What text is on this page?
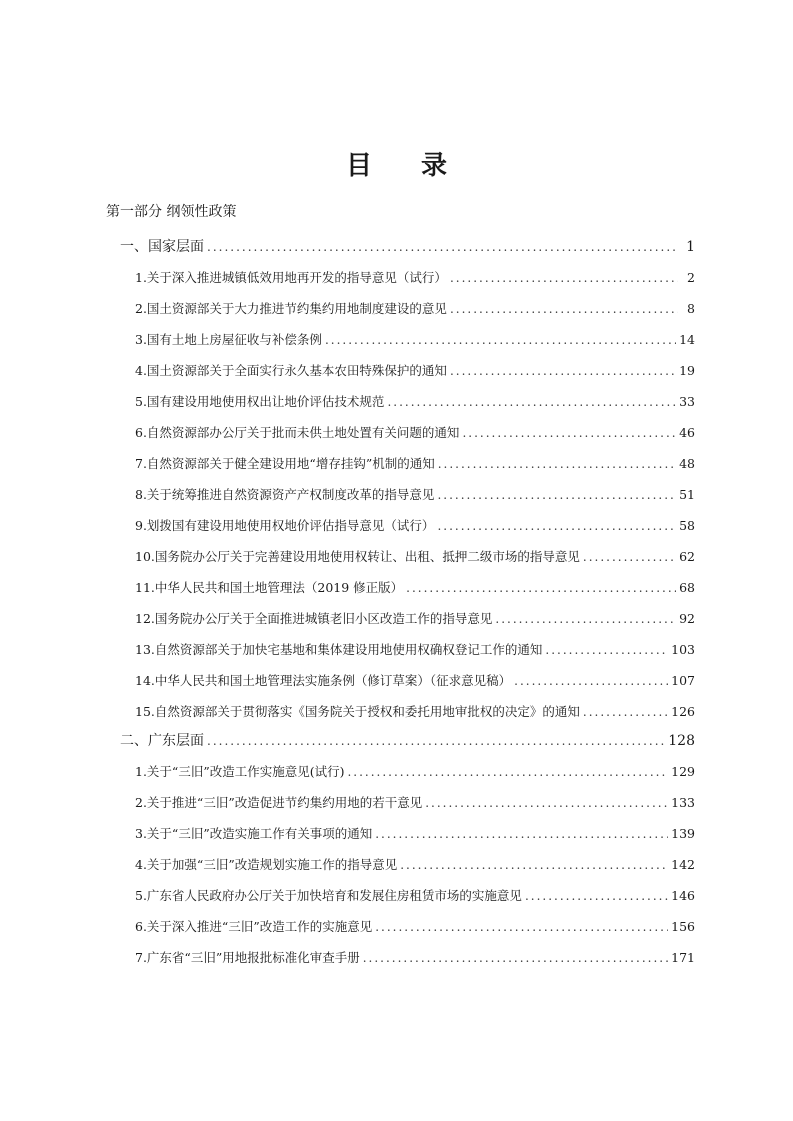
目 录
第一部分 纲领性政策
一、国家层面 .....	1
1.关于深入推进城镇低效用地再开发的指导意见（试行） .....	2
2.国土资源部关于大力推进节约集约用地制度建设的意见 .....	8
3.国有土地上房屋征收与补偿条例 .....	14
4.国土资源部关于全面实行永久基本农田特殊保护的通知 .....	19
5.国有建设用地使用权出让地价评估技术规范 .....	33
6.自然资源部办公厅关于批而未供土地处置有关问题的通知 .....	46
7.自然资源部关于健全建设用地“增存挂钩”机制的通知 .....	48
8.关于统筹推进自然资源资产产权制度改革的指导意见 .....	51
9.划拨国有建设用地使用权地价评估指导意见（试行） .....	58
10.国务院办公厅关于完善建设用地使用权转让、出租、抵押二级市场的指导意见 .....	62
11.中华人民共和国土地管理法（2019 修正版） .....	68
12.国务院办公厅关于全面推进城镇老旧小区改造工作的指导意见 .....	92
13.自然资源部关于加快宅基地和集体建设用地使用权确权登记工作的通知 .....	103
14.中华人民共和国土地管理法实施条例（修订草案）（征求意见稿） .....	107
15.自然资源部关于贯彻落实《国务院关于授权和委托用地审批权的决定》的通知 .....	126
二、广东层面 .....	128
1.关于“三旧”改造工作实施意见(试行) .....	129
2.关于推进“三旧”改造促进节约集约用地的若干意见 .....	133
3.关于“三旧”改造实施工作有关事项的通知 .....	139
4.关于加强“三旧”改造规划实施工作的指导意见 .....	142
5.广东省人民政府办公厅关于加快培育和发展住房租赁市场的实施意见 .....	146
6.关于深入推进“三旧”改造工作的实施意见 .....	156
7.广东省“三旧”用地报批标准化审查手册 .....	171
